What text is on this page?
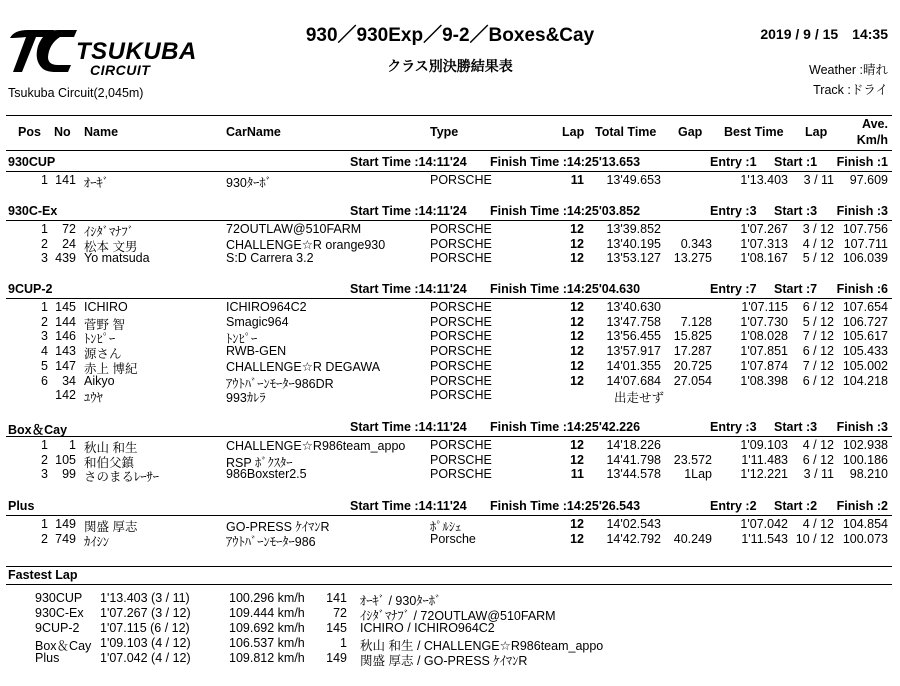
TSUKUBA
CIRCUIT
930／930Exp／9-2／Boxes&Cay
クラス別決勝結果表
2019 / 9 / 15　14:35
Tsukuba Circuit(2,045m)
Weather :晴れ
Track :ドライ
Pos No Name	CarName	Type	Lap Total Time Gap Best Time Lap
Ave.
Km/h
930CUP	Start Time :14:11'24 Finish Time :14:25'13.653	Entry :1 Start :1 Finish :1
1 141 ｵｰｷﾞ	930ﾀｰﾎﾞ	PORSCHE	11 13'49.653	1'13.403 3 / 11 97.609
930C-Ex	Start Time :14:11'24 Finish Time :14:25'03.852	Entry :3 Start :3 Finish :3
1 72 ｲｼﾀﾞﾏﾅﾌﾞ	72OUTLAW@510FARM	PORSCHE	12 13'39.852	1'07.267 3 / 12 107.756
2 24 松本 文男	CHALLENGE☆R orange930	PORSCHE	12 13'40.195 0.343 1'07.313 4 / 12 107.711
3 439 Yo matsuda	S:D Carrera 3.2	PORSCHE	12 13'53.127 13.275 1'08.167 5 / 12 106.039
9CUP-2	Start Time :14:11'24 Finish Time :14:25'04.630	Entry :7 Start :7 Finish :6
1 145 ICHIRO	ICHIRO964C2	PORSCHE	12 13'40.630	1'07.115 6 / 12 107.654
2 144 菅野 智	Smagic964	PORSCHE	12 13'47.758 7.128 1'07.730 5 / 12 106.727
3 146 ﾄﾝﾋﾟｰ	ﾄﾝﾋﾟｰ	PORSCHE	12 13'56.455 15.825 1'08.028 7 / 12 105.617
4 143 源さん	RWB-GEN	PORSCHE	12 13'57.917 17.287 1'07.851 6 / 12 105.433
5 147 赤上 博紀	CHALLENGE☆R DEGAWA	PORSCHE	12 14'01.355 20.725 1'07.874 7 / 12 105.002
6 34 Aikyo	ｱｳﾄﾊﾞｰﾝﾓｰﾀｰ986DR	PORSCHE	12 14'07.684 27.054 1'08.398 6 / 12 104.218
142 ﾕｳﾔ	993ｶﾚﾗ	PORSCHE	出走せず
Box＆Cay	Start Time :14:11'24 Finish Time :14:25'42.226	Entry :3 Start :3 Finish :3
1 1 秋山 和生	CHALLENGE☆R986team_appo PORSCHE	12 14'18.226	1'09.103 4 / 12 102.938
2 105 和伯父鎮	RSP ﾎﾞｸｽﾀｰ	PORSCHE	12 14'41.798 23.572 1'11.483 6 / 12 100.186
3 99 さのまるﾚｰｻｰ	986Boxster2.5	PORSCHE	11 13'44.578 1Lap 1'12.221 3 / 11 98.210
Plus	Start Time :14:11'24 Finish Time :14:25'26.543	Entry :2 Start :2 Finish :2
1 149 関盛 厚志	GO-PRESS ｹｲﾏﾝR	ﾎﾟﾙｼｪ	12 14'02.543	1'07.042 4 / 12 104.854
2 749 ｶｲｼﾝ	ｱｳﾄﾊﾞｰﾝﾓｰﾀｰ986	Porsche	12 14'42.792 40.249 1'11.543 10 / 12 100.073
Fastest Lap
930CUP 1'13.403 (3 / 11)	100.296 km/h 141 ｵｰｷﾞ / 930ﾀｰﾎﾞ
930C-Ex 1'07.267 (3 / 12)	109.444 km/h 72 ｲｼﾀﾞﾏﾅﾌﾞ / 72OUTLAW@510FARM
9CUP-2 1'07.115 (6 / 12)	109.692 km/h 145 ICHIRO / ICHIRO964C2
Box＆Cay 1'09.103 (4 / 12)	106.537 km/h	1 秋山 和生 / CHALLENGE☆R986team_appo
Plus	1'07.042 (4 / 12)	109.812 km/h 149 関盛 厚志 / GO-PRESS ｹｲﾏﾝR
